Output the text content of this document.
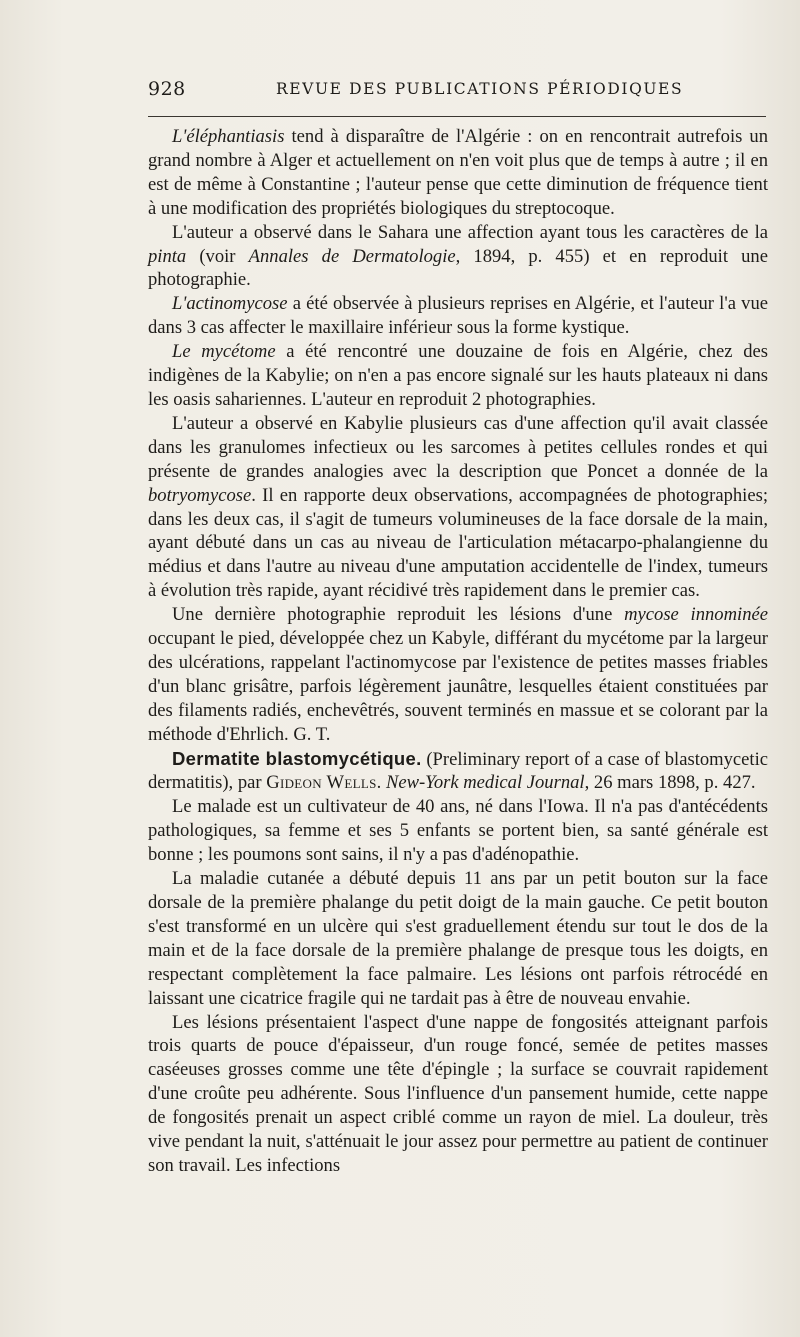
928	REVUE DES PUBLICATIONS PÉRIODIQUES

L'éléphantiasis tend à disparaître de l'Algérie : on en rencontrait autrefois un grand nombre à Alger et actuellement on n'en voit plus que de temps à autre ; il en est de même à Constantine ; l'auteur pense que cette diminution de fréquence tient à une modification des propriétés biologiques du streptocoque.

L'auteur a observé dans le Sahara une affection ayant tous les caractères de la pinta (voir Annales de Dermatologie, 1894, p. 455) et en reproduit une photographie.

L'actinomycose a été observée à plusieurs reprises en Algérie, et l'auteur l'a vue dans 3 cas affecter le maxillaire inférieur sous la forme kystique.

Le mycétome a été rencontré une douzaine de fois en Algérie, chez des indigènes de la Kabylie; on n'en a pas encore signalé sur les hauts plateaux ni dans les oasis sahariennes. L'auteur en reproduit 2 photographies.

L'auteur a observé en Kabylie plusieurs cas d'une affection qu'il avait classée dans les granulomes infectieux ou les sarcomes à petites cellules rondes et qui présente de grandes analogies avec la description que Poncet a donnée de la botryomycose. Il en rapporte deux observations, accompagnées de photographies; dans les deux cas, il s'agit de tumeurs volumineuses de la face dorsale de la main, ayant débuté dans un cas au niveau de l'articulation métacarpo-phalangienne du médius et dans l'autre au niveau d'une amputation accidentelle de l'index, tumeurs à évolution très rapide, ayant récidivé très rapidement dans le premier cas.

Une dernière photographie reproduit les lésions d'une mycose innominée occupant le pied, développée chez un Kabyle, différant du mycétome par la largeur des ulcérations, rappelant l'actinomycose par l'existence de petites masses friables d'un blanc grisâtre, parfois légèrement jaunâtre, lesquelles étaient constituées par des filaments radiés, enchevêtrés, souvent terminés en massue et se colorant par la méthode d'Ehrlich. G. T.

Dermatite blastomycétique. (Preliminary report of a case of blastomycetic dermatitis), par Gideon Wells. New-York medical Journal, 26 mars 1898, p. 427.

Le malade est un cultivateur de 40 ans, né dans l'Iowa. Il n'a pas d'antécédents pathologiques, sa femme et ses 5 enfants se portent bien, sa santé générale est bonne ; les poumons sont sains, il n'y a pas d'adénopathie.

La maladie cutanée a débuté depuis 11 ans par un petit bouton sur la face dorsale de la première phalange du petit doigt de la main gauche. Ce petit bouton s'est transformé en un ulcère qui s'est graduellement étendu sur tout le dos de la main et de la face dorsale de la première phalange de presque tous les doigts, en respectant complètement la face palmaire. Les lésions ont parfois rétrocédé en laissant une cicatrice fragile qui ne tardait pas à être de nouveau envahie.

Les lésions présentaient l'aspect d'une nappe de fongosités atteignant parfois trois quarts de pouce d'épaisseur, d'un rouge foncé, semée de petites masses caséeuses grosses comme une tête d'épingle ; la surface se couvrait rapidement d'une croûte peu adhérente. Sous l'influence d'un pansement humide, cette nappe de fongosités prenait un aspect criblé comme un rayon de miel. La douleur, très vive pendant la nuit, s'atténuait le jour assez pour permettre au patient de continuer son travail. Les infections
